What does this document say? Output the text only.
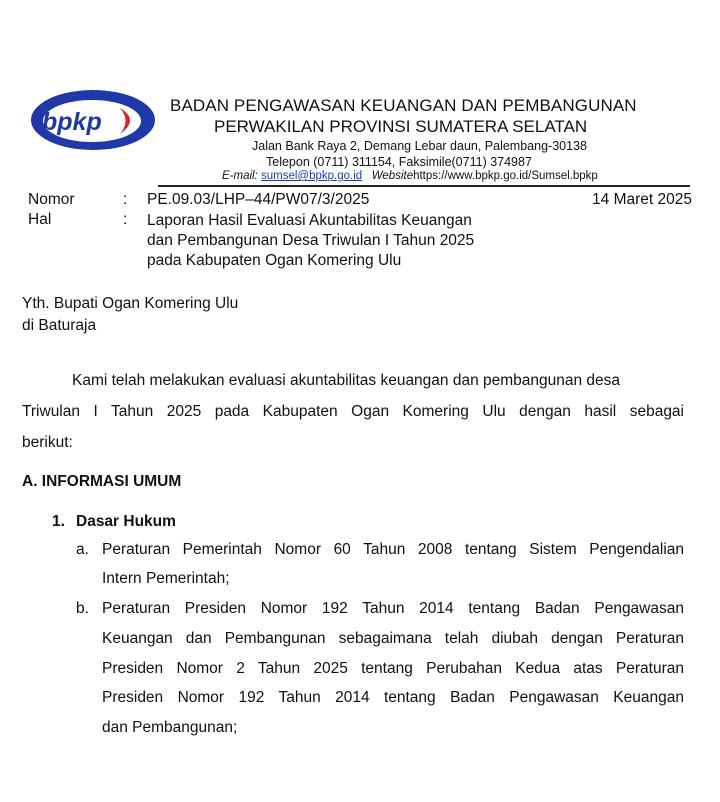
bpkp
BADAN PENGAWASAN KEUANGAN DAN PEMBANGUNAN
PERWAKILAN PROVINSI SUMATERA SELATAN
Jalan Bank Raya 2, Demang Lebar daun, Palembang-30138
Telepon (0711) 311154, Faksimile(0711) 374987
E-mail: sumsel@bpkp.go.id Websitehttps://www.bpkp.go.id/Sumsel.bpkp
Nomor	: PE.09.03/LHP–44/PW07/3/2025	14 Maret 2025
Hal	: Laporan Hasil Evaluasi Akuntabilitas Keuangan
dan Pembangunan Desa Triwulan I Tahun 2025
pada Kabupaten Ogan Komering Ulu
Yth. Bupati Ogan Komering Ulu
di Baturaja
Kami telah melakukan evaluasi akuntabilitas keuangan dan pembangunan desa
Triwulan I Tahun 2025 pada Kabupaten Ogan Komering Ulu dengan hasil sebagai
berikut:
A. INFORMASI UMUM
1. Dasar Hukum
a. Peraturan Pemerintah Nomor 60 Tahun 2008 tentang Sistem Pengendalian
Intern Pemerintah;
b. Peraturan Presiden Nomor 192 Tahun 2014 tentang Badan Pengawasan
Keuangan dan Pembangunan sebagaimana telah diubah dengan Peraturan
Presiden Nomor 2 Tahun 2025 tentang Perubahan Kedua atas Peraturan
Presiden Nomor 192 Tahun 2014 tentang Badan Pengawasan Keuangan
dan Pembangunan;
